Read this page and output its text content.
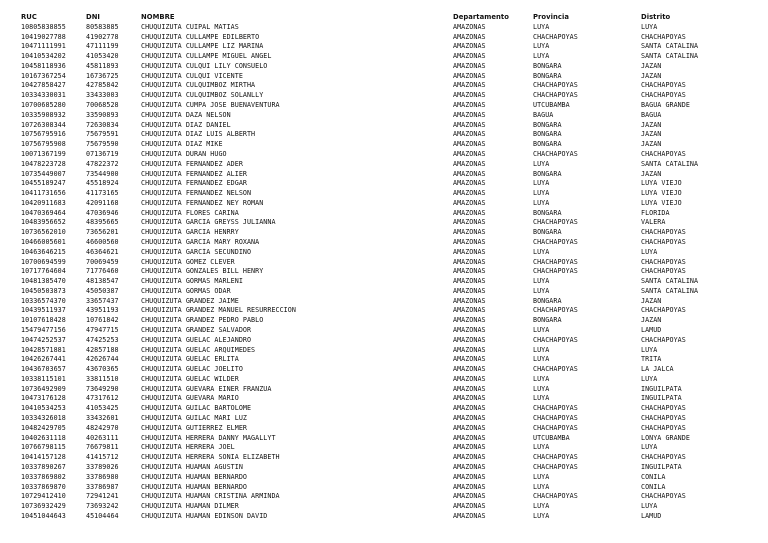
RUC	DNI	NOMBRE	Departamento	Provincia	Distrito
10805838855	80583885	CHUQUIZUTA CUIPAL MATIAS	AMAZONAS	LUYA	LUYA
10419027788	41902778	CHUQUIZUTA CULLAMPE EDILBERTO	AMAZONAS	CHACHAPOYAS	CHACHAPOYAS
10471111991	47111199	CHUQUIZUTA CULLAMPE LIZ MARINA	AMAZONAS	LUYA	SANTA CATALINA
10410534202	41053420	CHUQUIZUTA CULLAMPE MIGUEL ANGEL	AMAZONAS	LUYA	SANTA CATALINA
10458118936	45811893	CHUQUIZUTA CULQUI LILY CONSUELO	AMAZONAS	BONGARA	JAZAN
10167367254	16736725	CHUQUIZUTA CULQUI VICENTE	AMAZONAS	BONGARA	JAZAN
10427858427	42785842	CHUQUIZUTA CULQUIMBOZ MIRTHA	AMAZONAS	CHACHAPOYAS	CHACHAPOYAS
10334330031	33433003	CHUQUIZUTA CULQUIMBOZ SOLANLLY	AMAZONAS	CHACHAPOYAS	CHACHAPOYAS
10700685280	70068528	CHUQUIZUTA CUMPA JOSE BUENAVENTURA	AMAZONAS	UTCUBAMBA	BAGUA GRANDE
10335908932	33590893	CHUQUIZUTA DAZA NELSON	AMAZONAS	BAGUA	BAGUA
10726308344	72630834	CHUQUIZUTA DIAZ DANIEL	AMAZONAS	BONGARA	JAZAN
10756795916	75679591	CHUQUIZUTA DIAZ LUIS ALBERTH	AMAZONAS	BONGARA	JAZAN
10756795908	75679590	CHUQUIZUTA DIAZ MIKE	AMAZONAS	BONGARA	JAZAN
10071367199	07136719	CHUQUIZUTA DURAN HUGO	AMAZONAS	CHACHAPOYAS	CHACHAPOYAS
10478223728	47822372	CHUQUIZUTA FERNANDEZ ADER	AMAZONAS	LUYA	SANTA CATALINA
10735449007	73544900	CHUQUIZUTA FERNANDEZ ALIER	AMAZONAS	BONGARA	JAZAN
10455189247	45518924	CHUQUIZUTA FERNANDEZ EDGAR	AMAZONAS	LUYA	LUYA VIEJO
10411731656	41173165	CHUQUIZUTA FERNANDEZ NELSON	AMAZONAS	LUYA	LUYA VIEJO
10420911683	42091168	CHUQUIZUTA FERNANDEZ NEY ROMAN	AMAZONAS	LUYA	LUYA VIEJO
10470369464	47036946	CHUQUIZUTA FLORES CARINA	AMAZONAS	BONGARA	FLORIDA
10483956652	48395665	CHUQUIZUTA GARCIA GREYSS JULIANNA	AMAZONAS	CHACHAPOYAS	VALERA
10736562010	73656201	CHUQUIZUTA GARCIA HENRRY	AMAZONAS	BONGARA	CHACHAPOYAS
10466005601	46600560	CHUQUIZUTA GARCIA MARY ROXANA	AMAZONAS	CHACHAPOYAS	CHACHAPOYAS
10463646215	46364621	CHUQUIZUTA GARCÍA SECUNDINO	AMAZONAS	LUYA	LUYA
10700694599	70069459	CHUQUIZUTA GOMEZ CLEVER	AMAZONAS	CHACHAPOYAS	CHACHAPOYAS
10717764604	71776460	CHUQUIZUTA GONZALES BILL HENRY	AMAZONAS	CHACHAPOYAS	CHACHAPOYAS
10481385470	48138547	CHUQUIZUTA GORMAS MARLENI	AMAZONAS	LUYA	SANTA CATALINA
10450503873	45050387	CHUQUIZUTA GORMAS ODAR	AMAZONAS	LUYA	SANTA CATALINA
10336574370	33657437	CHUQUIZUTA GRANDEZ JAIME	AMAZONAS	BONGARA	JAZAN
10439511937	43951193	CHUQUIZUTA GRANDEZ MANUEL RESURRECCION	AMAZONAS	CHACHAPOYAS	CHACHAPOYAS
10107618428	10761842	CHUQUIZUTA GRANDEZ PEDRO PABLO	AMAZONAS	BONGARA	JAZAN
15479477156	47947715	CHUQUIZUTA GRANDEZ SALVADOR	AMAZONAS	LUYA	LAMUD
10474252537	47425253	CHUQUIZUTA GUELAC ALEJANDRO	AMAZONAS	CHACHAPOYAS	CHACHAPOYAS
10428571881	42857188	CHUQUIZUTA GUELAC ARQUIMEDES	AMAZONAS	LUYA	LUYA
10426267441	42626744	CHUQUIZUTA GUELAC ERLITA	AMAZONAS	LUYA	TRITA
10436703657	43670365	CHUQUIZUTA GUELAC JOELITO	AMAZONAS	CHACHAPOYAS	LA JALCA
10338115101	33811510	CHUQUIZUTA GUELAC WILDER	AMAZONAS	LUYA	LUYA
10736492909	73649290	CHUQUIZUTA GUEVARA EINER FRANZUA	AMAZONAS	LUYA	INGUILPATA
10473176128	47317612	CHUQUIZUTA GUEVARA MARIO	AMAZONAS	LUYA	INGUILPATA
10410534253	41053425	CHUQUIZUTA GUILAC BARTOLOME	AMAZONAS	CHACHAPOYAS	CHACHAPOYAS
10334326018	33432601	CHUQUIZUTA GUILAC MARI LUZ	AMAZONAS	CHACHAPOYAS	CHACHAPOYAS
10482429705	48242970	CHUQUIZUTA GUTIERREZ ELMER	AMAZONAS	CHACHAPOYAS	CHACHAPOYAS
10402631118	40263111	CHUQUIZUTA HERRERA DANNY MAGALLYT	AMAZONAS	UTCUBAMBA	LONYA GRANDE
10766798115	76679811	CHUQUIZUTA HERRERA JOEL	AMAZONAS	LUYA	LUYA
10414157128	41415712	CHUQUIZUTA HERRERA SONIA ELIZABETH	AMAZONAS	CHACHAPOYAS	CHACHAPOYAS
10337890267	33789026	CHUQUIZUTA HUAMAN AGUSTIN	AMAZONAS	CHACHAPOYAS	INGUILPATA
10337869802	33786980	CHUQUIZUTA HUAMAN BERNARDO	AMAZONAS	LUYA	CONILA
10337869870	33786987	CHUQUIZUTA HUAMAN BERNARDO	AMAZONAS	LUYA	CONILA
10729412410	72941241	CHUQUIZUTA HUAMAN CRISTINA ARMINDA	AMAZONAS	CHACHAPOYAS	CHACHAPOYAS
10736932429	73693242	CHUQUIZUTA HUAMAN DILMER	AMAZONAS	LUYA	LUYA
10451044643	45104464	CHUQUIZUTA HUAMAN EDINSON DAVID	AMAZONAS	LUYA	LAMUD
